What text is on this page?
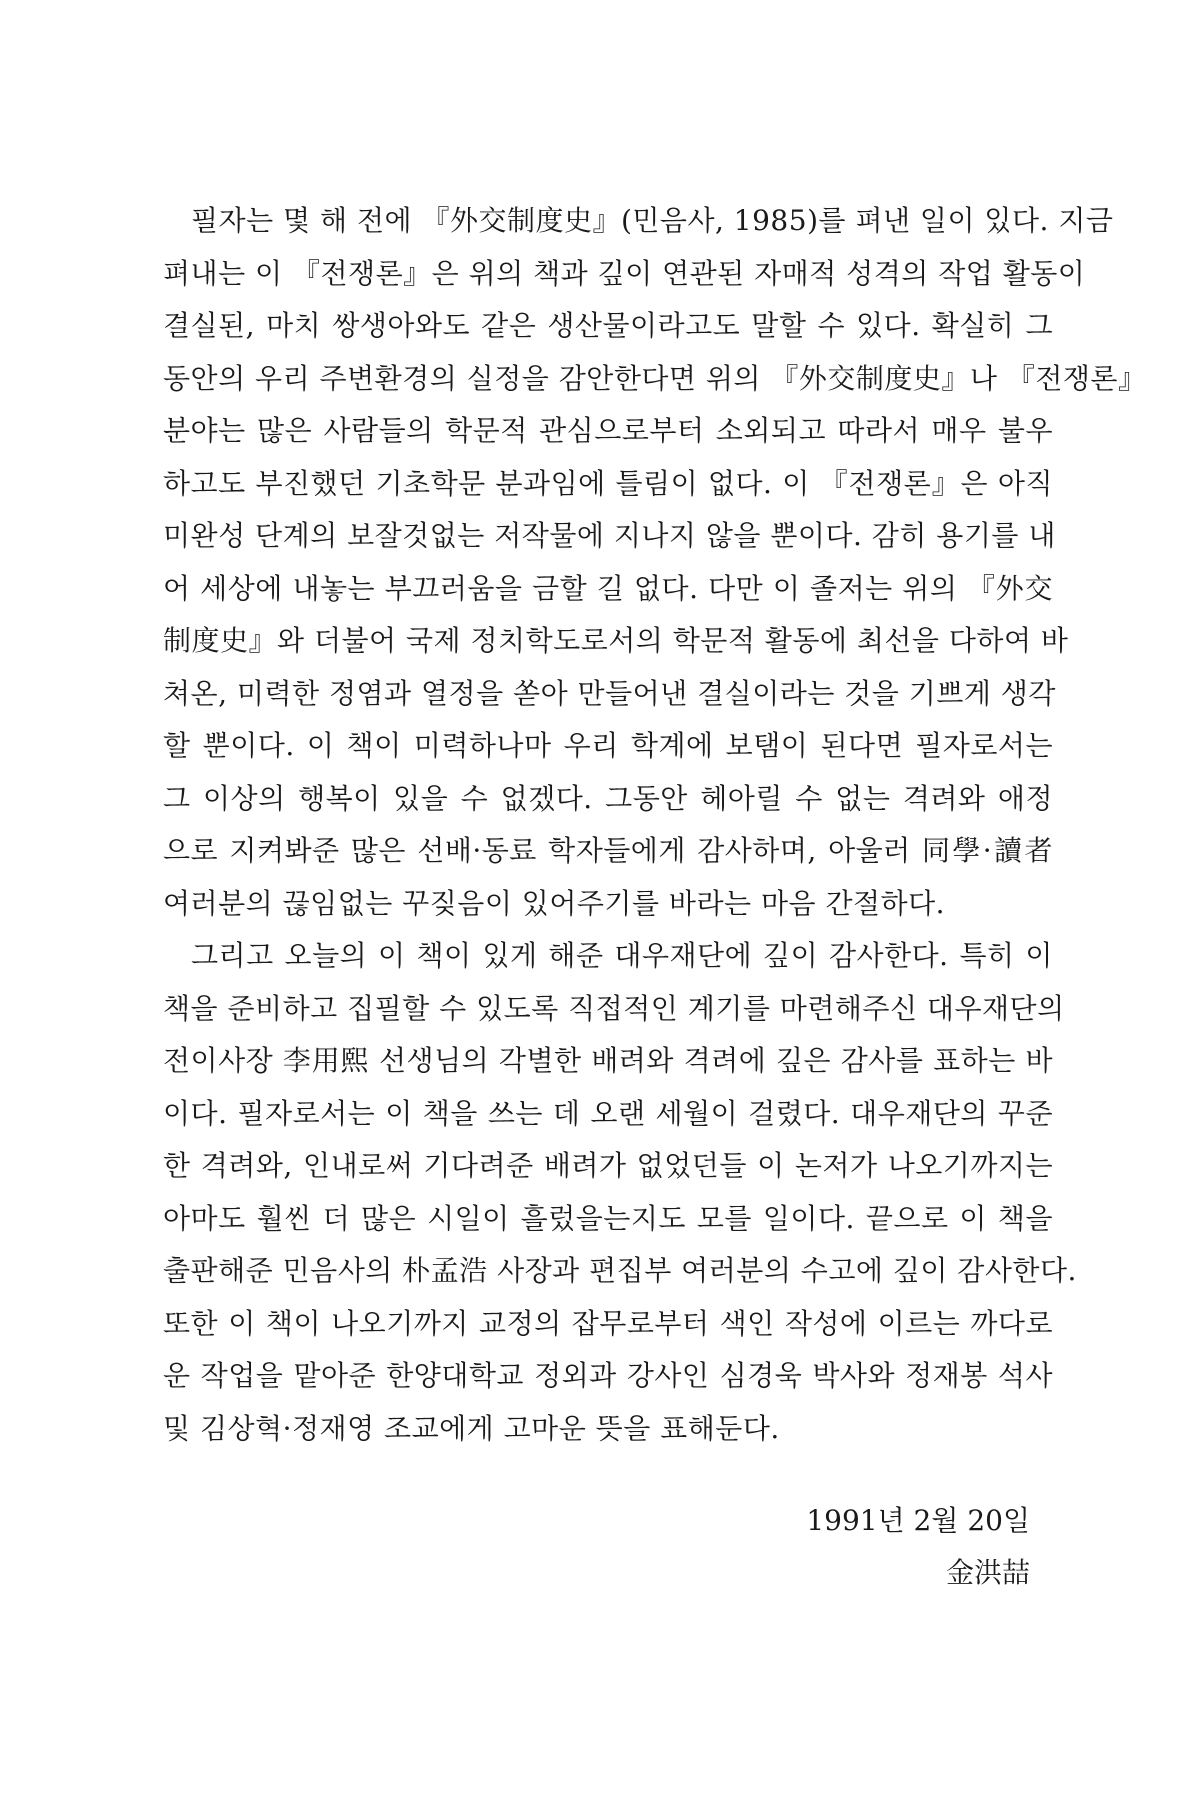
필자는 몇 해 전에 『外交制度史』(민음사, 1985)를 펴낸 일이 있다. 지금
펴내는 이 『전쟁론』은 위의 책과 깊이 연관된 자매적 성격의 작업 활동이
결실된, 마치 쌍생아와도 같은 생산물이라고도 말할 수 있다. 확실히 그
동안의 우리 주변환경의 실정을 감안한다면 위의 『外交制度史』나 『전쟁론』
분야는 많은 사람들의 학문적 관심으로부터 소외되고 따라서 매우 불우
하고도 부진했던 기초학문 분과임에 틀림이 없다. 이 『전쟁론』은 아직
미완성 단계의 보잘것없는 저작물에 지나지 않을 뿐이다. 감히 용기를 내
어 세상에 내놓는 부끄러움을 금할 길 없다. 다만 이 졸저는 위의 『外交
制度史』와 더불어 국제 정치학도로서의 학문적 활동에 최선을 다하여 바
쳐온, 미력한 정염과 열정을 쏟아 만들어낸 결실이라는 것을 기쁘게 생각
할 뿐이다. 이 책이 미력하나마 우리 학계에 보탬이 된다면 필자로서는
그 이상의 행복이 있을 수 없겠다. 그동안 헤아릴 수 없는 격려와 애정
으로 지켜봐준 많은 선배·동료 학자들에게 감사하며, 아울러 同學·讀者
여러분의 끊임없는 꾸짖음이 있어주기를 바라는 마음 간절하다.
그리고 오늘의 이 책이 있게 해준 대우재단에 깊이 감사한다. 특히 이
책을 준비하고 집필할 수 있도록 직접적인 계기를 마련해주신 대우재단의
전이사장 李用熙 선생님의 각별한 배려와 격려에 깊은 감사를 표하는 바
이다. 필자로서는 이 책을 쓰는 데 오랜 세월이 걸렸다. 대우재단의 꾸준
한 격려와, 인내로써 기다려준 배려가 없었던들 이 논저가 나오기까지는
아마도 훨씬 더 많은 시일이 흘렀을는지도 모를 일이다. 끝으로 이 책을
출판해준 민음사의 朴孟浩 사장과 편집부 여러분의 수고에 깊이 감사한다.
또한 이 책이 나오기까지 교정의 잡무로부터 색인 작성에 이르는 까다로
운 작업을 맡아준 한양대학교 정외과 강사인 심경욱 박사와 정재봉 석사
및 김상혁·정재영 조교에게 고마운 뜻을 표해둔다.
1991년 2월 20일
金洪喆
